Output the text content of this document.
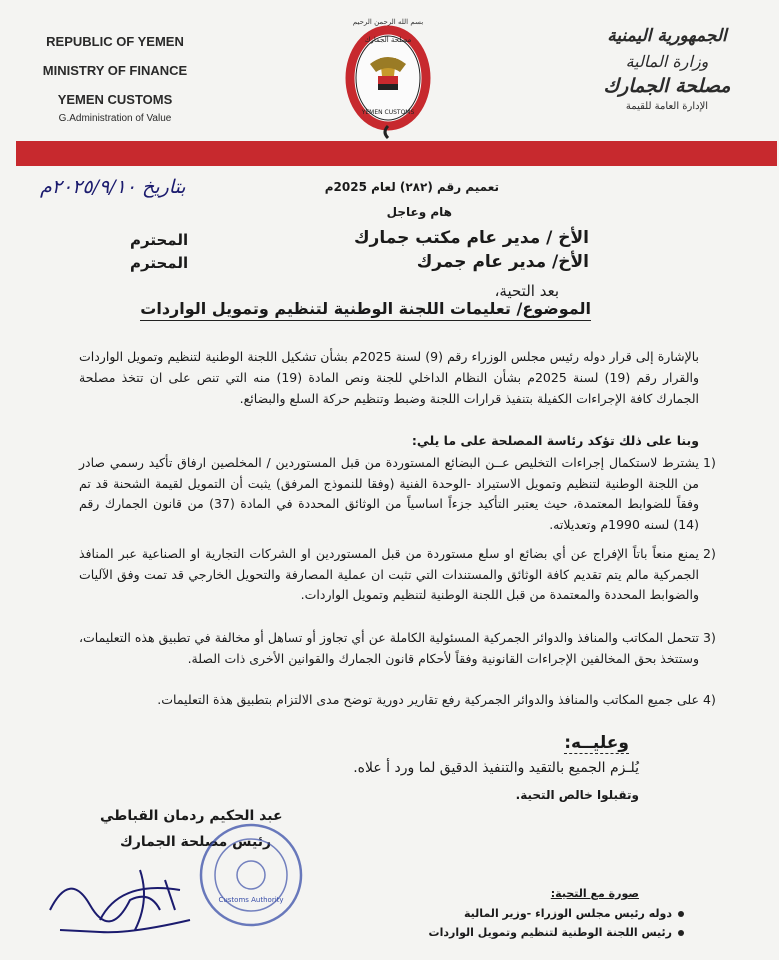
REPUBLIC OF YEMEN
MINISTRY OF FINANCE
YEMEN CUSTOMS
G.Administration of Value
بسم الله الرحمن الرحيم
YEMEN CUSTOMS
مصلحة الجمارك	الجمهورية اليمنية
وزارة المالية
مصلحة الجمارك
الإدارة العامة للقيمة
بتاريخ ٢٠٢٥/٩/١٠م	تعميم رقم (٢٨٢) لعام 2025م
هام وعاجل
الأخ / مدير عام مكتب جمارك
الأخ/ مدير عام جمرك
المحترم
المحترم
بعد التحية،
الموضوع/ تعليمات اللجنة الوطنية لتنظيم وتمويل الواردات
بالإشارة إلى قرار دوله رئيس مجلس الوزراء رقم (9) لسنة 2025م بشأن تشكيل اللجنة الوطنية لتنظيم وتمويل الواردات والقرار رقم (19) لسنة 2025م بشأن النظام الداخلي للجنة ونص المادة (19) منه التي تنص على ان تتخذ مصلحة الجمارك كافة الإجراءات الكفيلة بتنفيذ قرارات اللجنة وضبط وتنظيم حركة السلع والبضائع.
وبنا على ذلك تؤكد رئاسة المصلحة على ما يلي:
1)
يشترط لاستكمال إجراءات التخليص عــن البضائع المستوردة من قبل المستوردين / المخلصين ارفاق تأكيد رسمي صادر من اللجنة الوطنية لتنظيم وتمويل الاستيراد -الوحدة الفنية (وفقا للنموذج المرفق) يثبت أن التمويل لقيمة الشحنة قد تم وفقاً للضوابط المعتمدة، حيث يعتبر التأكيد جزءاً اساسياً من الوثائق المحددة في المادة (37) من قانون الجمارك رقم (14) لسنه 1990م وتعديلاته.
2)
يمنع منعاً باتاً الإفراج عن أي بضائع او سلع مستوردة من قبل المستوردين او الشركات التجارية او الصناعية عبر المنافذ الجمركية مالم يتم تقديم كافة الوثائق والمستندات التي تثبت ان عملية المصارفة والتحويل الخارجي قد تمت وفق الآليات والضوابط المحددة والمعتمدة من قبل اللجنة الوطنية لتنظيم وتمويل الواردات.
3)
تتحمل المكاتب والمنافذ والدوائر الجمركية المسئولية الكاملة عن أي تجاوز أو تساهل أو مخالفة في تطبيق هذه التعليمات، وستتخذ بحق المخالفين الإجراءات القانونية وفقاً لأحكام قانون الجمارك والقوانين الأخرى ذات الصلة.
4)
على جميع المكاتب والمنافذ والدوائر الجمركية رفع تقارير دورية توضح مدى الالتزام بتطبيق هذة التعليمات.
وعليــه:
يُلـزم الجميع بالتقيد والتنفيذ الدقيق لما ورد أ علاه.
وتقبلوا خالص التحية.
عبد الحكيم ردمان القباطي
رئيس مصلحة الجمارك
Customs Authority	صورة مع التحية:
دوله رئيس مجلس الوزراء -وزير المالية
رئيس اللجنة الوطنية لتنظيم وتمويل الواردات
